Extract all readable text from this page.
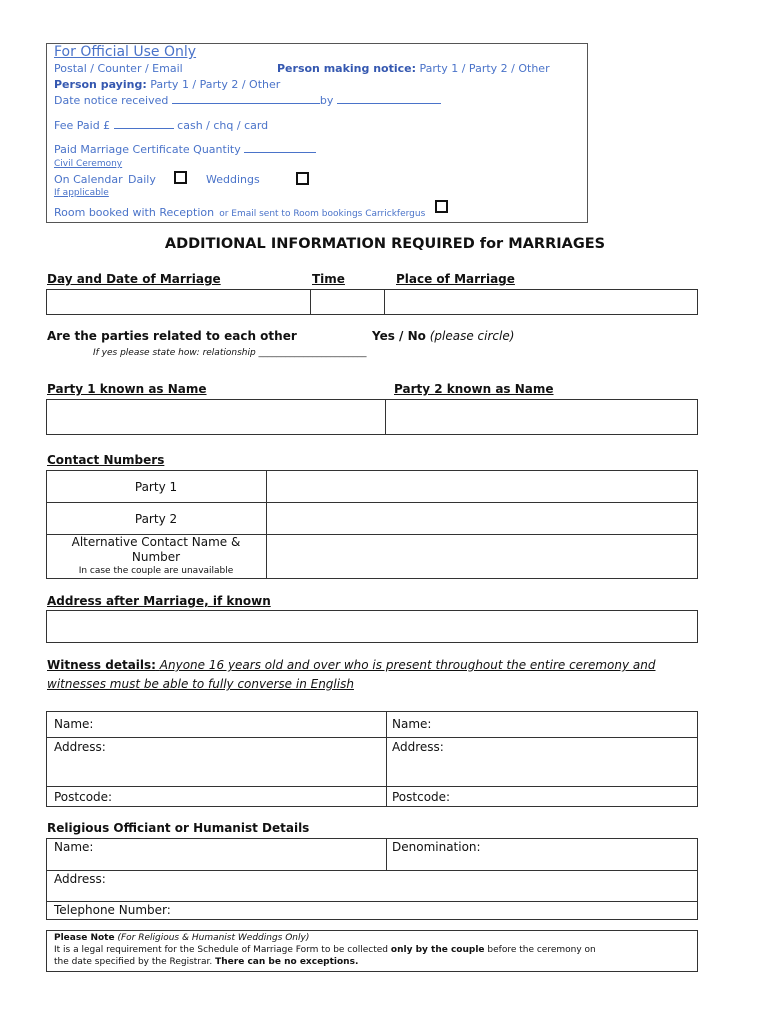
For Official Use Only
Postal / Counter / Email	Person making notice: Party 1 / Party 2 / Other
Person paying: Party 1 / Party 2 / Other
Date notice received	by
Fee Paid £	cash / chq / card
Paid Marriage Certificate Quantity
Civil Ceremony
On Calendar Daily	Weddings
If applicable
Room booked with Reception or Email sent to Room bookings Carrickfergus
ADDITIONAL INFORMATION REQUIRED for MARRIAGES
Day and Date of Marriage	Time	Place of Marriage
Are the parties related to each other	Yes / No (please circle)
If yes please state how: relationship ________________________
Party 1 known as Name	Party 2 known as Name
Contact Numbers
Party 1
Party 2
Alternative Contact Name &
Number
In case the couple are unavailable
Address after Marriage, if known
Witness details: Anyone 16 years old and over who is present throughout the entire ceremony and
witnesses must be able to fully converse in English
Name:	Name:
Address:	Address:
Postcode:	Postcode:
Religious Officiant or Humanist Details
Name:	Denomination:
Address:
Telephone Number:
Please Note (For Religious & Humanist Weddings Only)
It is a legal requirement for the Schedule of Marriage Form to be collected only by the couple before the ceremony on
the date specified by the Registrar. There can be no exceptions.
